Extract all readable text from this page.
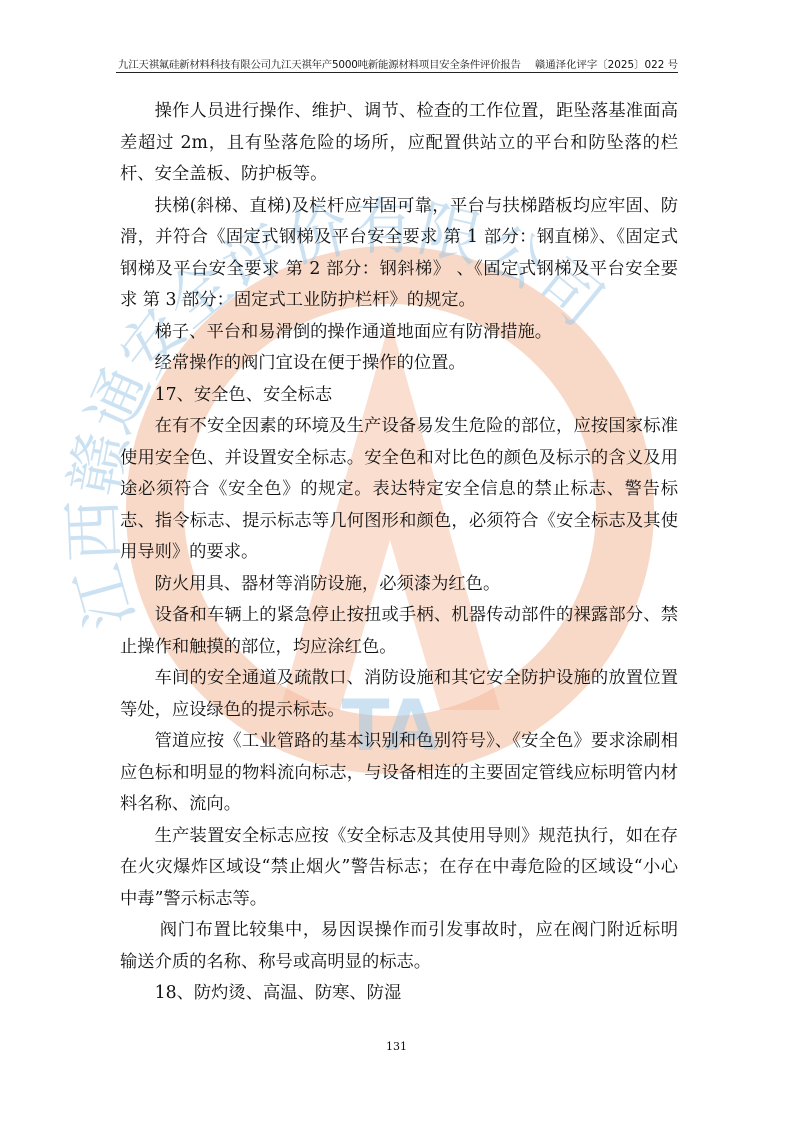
江西赣通安全评价有限公司
TA
九江天祺氟硅新材料科技有限公司九江天祺年产5000吨新能源材料项目安全条件评价报告 赣通泽化评字〔2025〕022 号

操作人员进行操作、维护、调节、检查的工作位置，距坠落基准面高差超过 2m，且有坠落危险的场所，应配置供站立的平台和防坠落的栏杆、安全盖板、防护板等。

扶梯(斜梯、直梯)及栏杆应牢固可靠，平台与扶梯踏板均应牢固、防滑，并符合《固定式钢梯及平台安全要求 第 1 部分：钢直梯》、《固定式钢梯及平台安全要求 第 2 部分：钢斜梯》 、《固定式钢梯及平台安全要求 第 3 部分：固定式工业防护栏杆》的规定。

梯子、平台和易滑倒的操作通道地面应有防滑措施。

经常操作的阀门宜设在便于操作的位置。

17、安全色、安全标志

在有不安全因素的环境及生产设备易发生危险的部位，应按国家标准使用安全色、并设置安全标志。安全色和对比色的颜色及标示的含义及用途必须符合《安全色》的规定。表达特定安全信息的禁止标志、警告标志、指令标志、提示标志等几何图形和颜色，必须符合《安全标志及其使用导则》的要求。

防火用具、器材等消防设施，必须漆为红色。

设备和车辆上的紧急停止按扭或手柄、机器传动部件的裸露部分、禁止操作和触摸的部位，均应涂红色。

车间的安全通道及疏散口、消防设施和其它安全防护设施的放置位置等处，应设绿色的提示标志。

管道应按《工业管路的基本识别和色别符号》、《安全色》要求涂刷相应色标和明显的物料流向标志，与设备相连的主要固定管线应标明管内材料名称、流向。

生产装置安全标志应按《安全标志及其使用导则》规范执行，如在存在火灾爆炸区域设“禁止烟火”警告标志；在存在中毒危险的区域设“小心中毒”警示标志等。

阀门布置比较集中，易因误操作而引发事故时，应在阀门附近标明输送介质的名称、称号或高明显的标志。

18、防灼烫、高温、防寒、防湿

131
